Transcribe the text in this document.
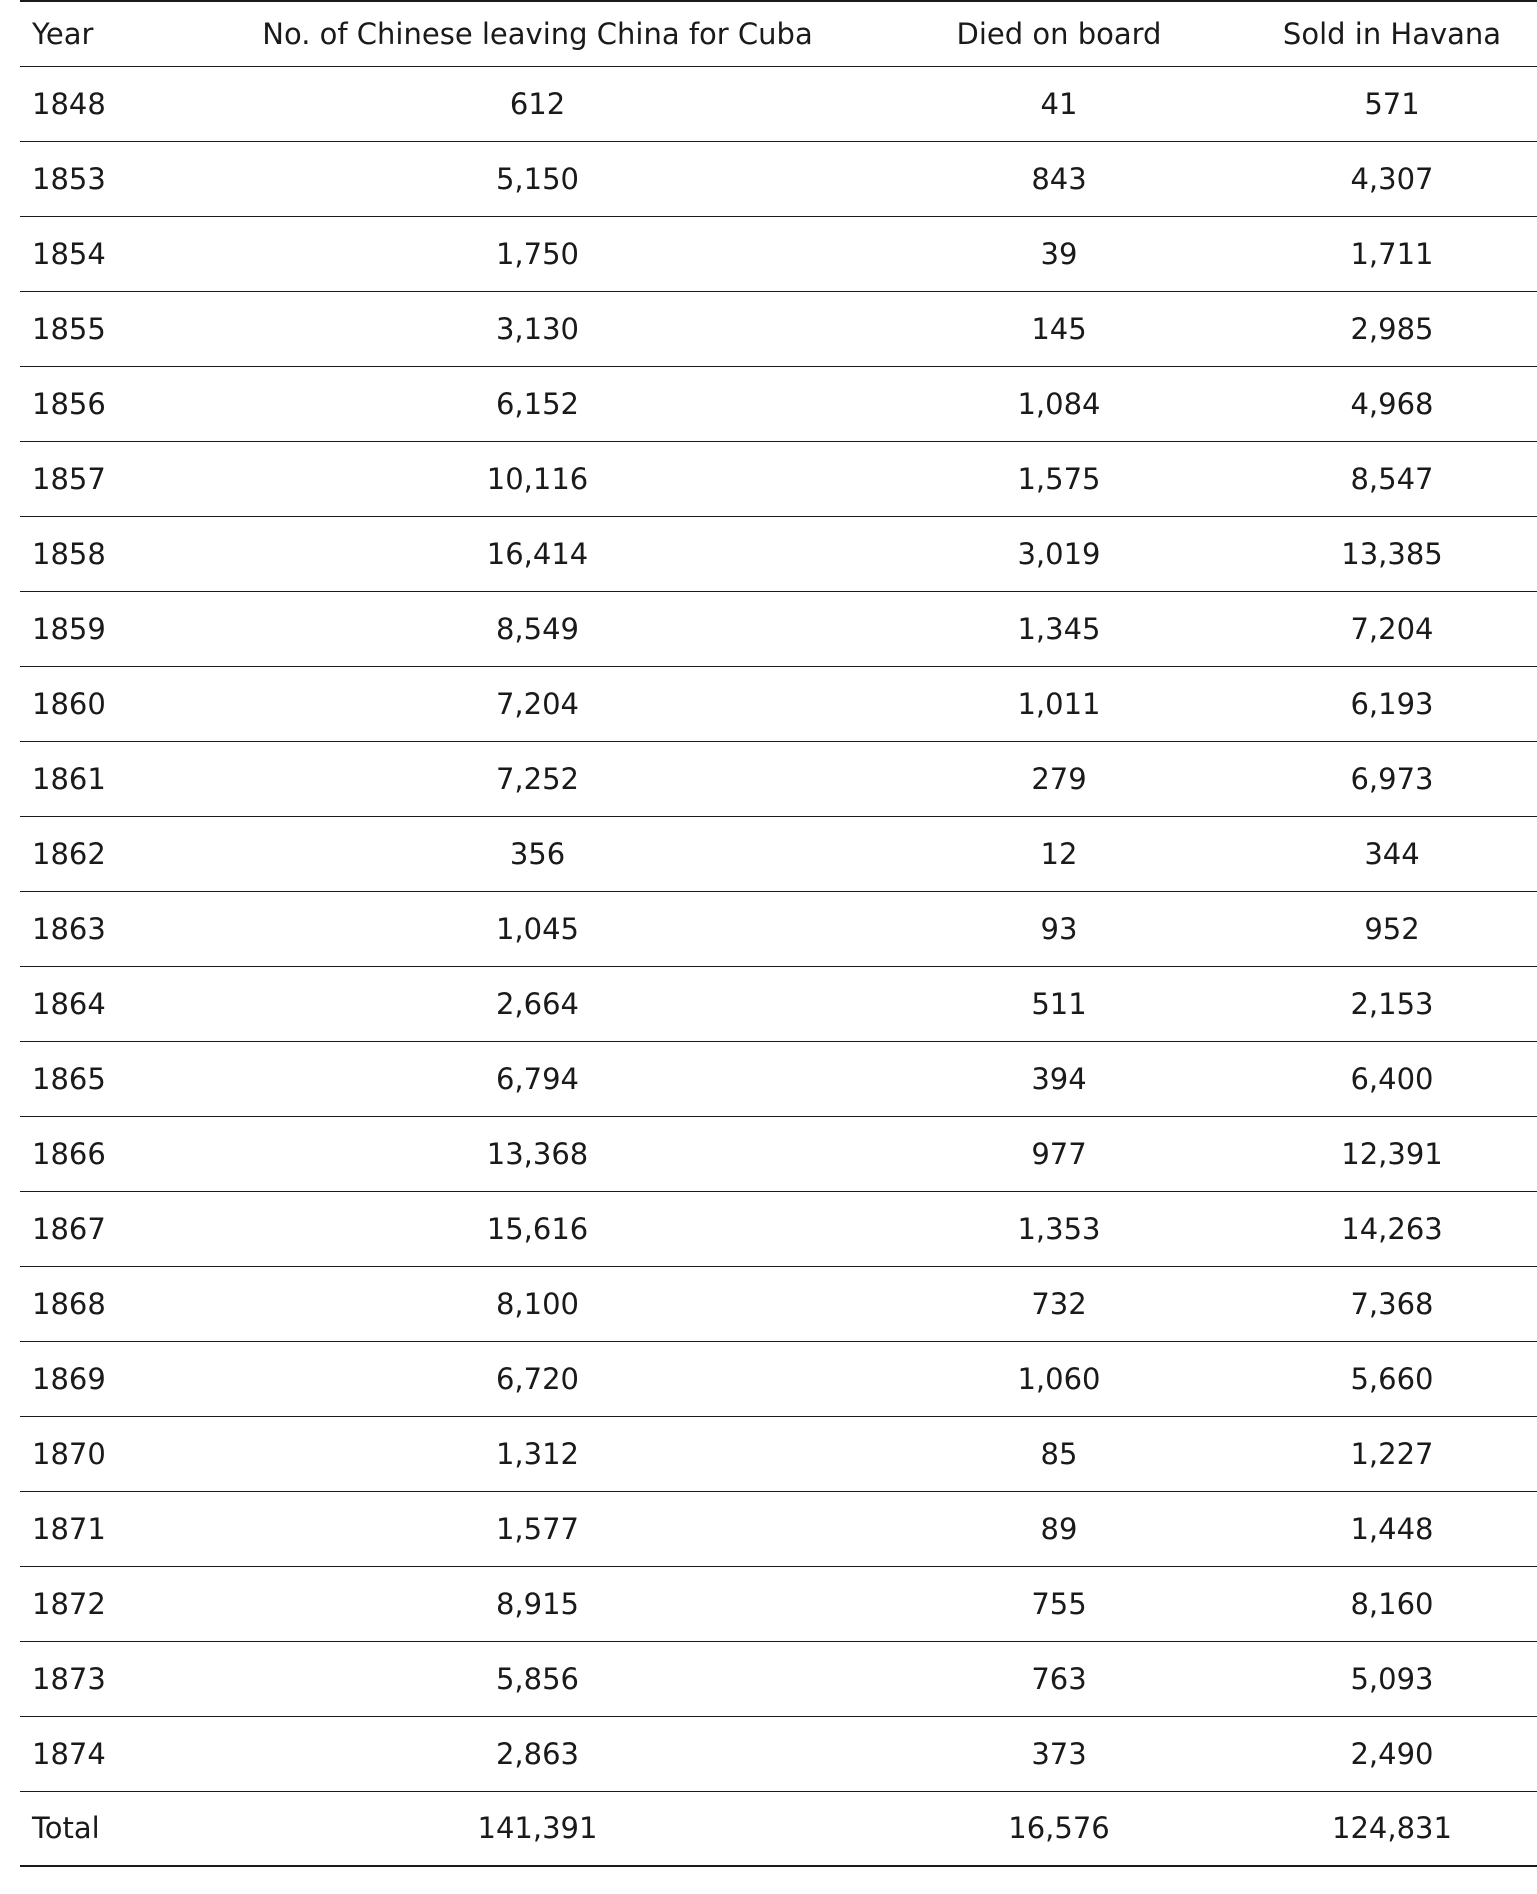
Year	No. of Chinese leaving China for Cuba	Died on board	Sold in Havana
1848	612	41	571
1853	5,150	843	4,307
1854	1,750	39	1,711
1855	3,130	145	2,985
1856	6,152	1,084	4,968
1857	10,116	1,575	8,547
1858	16,414	3,019	13,385
1859	8,549	1,345	7,204
1860	7,204	1,011	6,193
1861	7,252	279	6,973
1862	356	12	344
1863	1,045	93	952
1864	2,664	511	2,153
1865	6,794	394	6,400
1866	13,368	977	12,391
1867	15,616	1,353	14,263
1868	8,100	732	7,368
1869	6,720	1,060	5,660
1870	1,312	85	1,227
1871	1,577	89	1,448
1872	8,915	755	8,160
1873	5,856	763	5,093
1874	2,863	373	2,490
Total	141,391	16,576	124,831
